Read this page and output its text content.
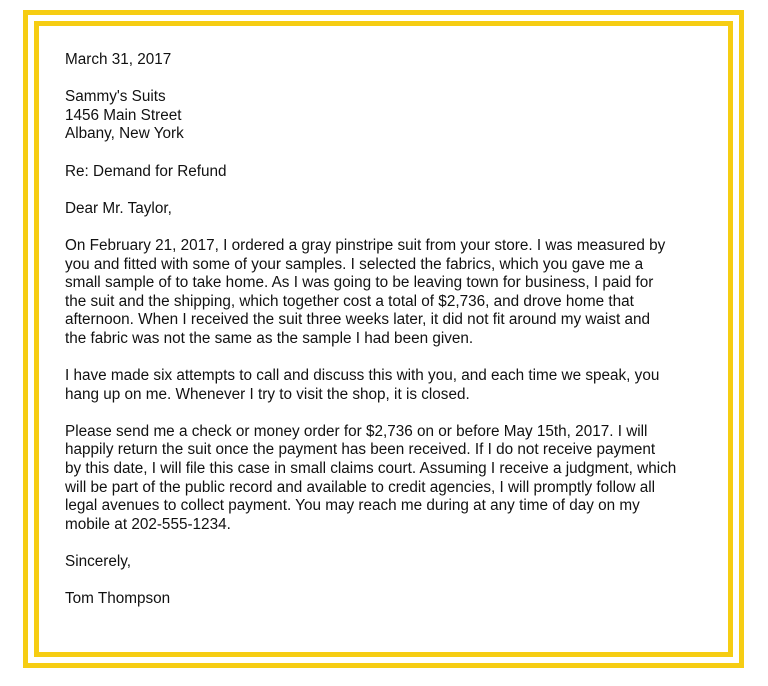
March 31, 2017

Sammy's Suits

1456 Main Street

Albany, New York

Re: Demand for Refund

Dear Mr. Taylor,

On February 21, 2017, I ordered a gray pinstripe suit from your store. I was measured by

you and fitted with some of your samples. I selected the fabrics, which you gave me a

small sample of to take home. As I was going to be leaving town for business, I paid for

the suit and the shipping, which together cost a total of $2,736, and drove home that

afternoon. When I received the suit three weeks later, it did not fit around my waist and

the fabric was not the same as the sample I had been given.

I have made six attempts to call and discuss this with you, and each time we speak, you

hang up on me. Whenever I try to visit the shop, it is closed.

Please send me a check or money order for $2,736 on or before May 15th, 2017. I will

happily return the suit once the payment has been received. If I do not receive payment

by this date, I will file this case in small claims court. Assuming I receive a judgment, which

will be part of the public record and available to credit agencies, I will promptly follow all

legal avenues to collect payment. You may reach me during at any time of day on my

mobile at 202-555-1234.

Sincerely,

Tom Thompson
